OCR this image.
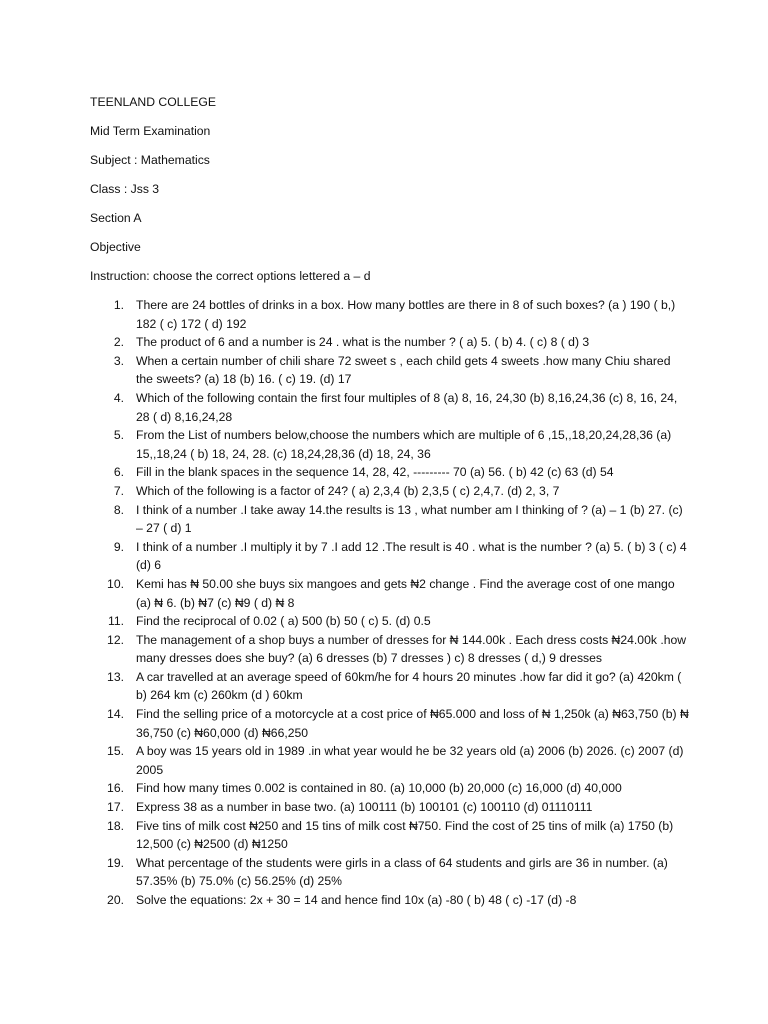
TEENLAND COLLEGE
Mid Term Examination
Subject : Mathematics
Class : Jss 3
Section A
Objective
Instruction: choose the correct options lettered a – d
1. There are 24 bottles of drinks in a box. How many bottles are there in 8 of such boxes? (a ) 190 ( b,) 182 ( c) 172 ( d) 192
2. The product of 6 and a number is 24 . what is the number ? ( a) 5. ( b) 4. ( c) 8 ( d) 3
3. When a certain number of chili share 72 sweet s , each child gets 4 sweets .how many Chiu shared the sweets? (a) 18 (b) 16. ( c) 19. (d) 17
4. Which of the following contain the first four multiples of 8 (a) 8, 16, 24,30 (b) 8,16,24,36 (c) 8, 16, 24, 28 ( d) 8,16,24,28
5. From the List of numbers below,choose the numbers which are multiple of 6 ,15,,18,20,24,28,36 (a) 15,,18,24 ( b) 18, 24, 28. (c) 18,24,28,36 (d) 18, 24, 36
6. Fill in the blank spaces in the sequence 14, 28, 42, --------- 70 (a) 56. ( b) 42 (c) 63 (d) 54
7. Which of the following is a factor of 24? ( a) 2,3,4 (b) 2,3,5 ( c) 2,4,7. (d) 2, 3, 7
8. I think of a number .I take away 14.the results is 13 , what number am I thinking of ? (a) – 1 (b) 27. (c) – 27 ( d) 1
9. I think of a number .I multiply it by 7 .I add 12 .The result is 40 . what is the number ? (a) 5. ( b) 3 ( c) 4 (d) 6
10. Kemi has ₦ 50.00 she buys six mangoes and gets ₦2 change . Find the average cost of one mango (a) ₦ 6. (b) ₦7 (c) ₦9 ( d) ₦ 8
11. Find the reciprocal of 0.02 ( a) 500 (b) 50 ( c) 5. (d) 0.5
12. The management of a shop buys a number of dresses for ₦ 144.00k . Each dress costs ₦24.00k .how many dresses does she buy? (a) 6 dresses (b) 7 dresses ) c) 8 dresses ( d,) 9 dresses
13. A car travelled at an average speed of 60km/he for 4 hours 20 minutes .how far did it go? (a) 420km ( b) 264 km (c) 260km (d ) 60km
14. Find the selling price of a motorcycle at a cost price of ₦65.000 and loss of ₦ 1,250k (a) ₦63,750 (b) ₦ 36,750 (c) ₦60,000 (d) ₦66,250
15. A boy was 15 years old in 1989 .in what year would he be 32 years old (a) 2006 (b) 2026. (c) 2007 (d) 2005
16. Find how many times 0.002 is contained in 80. (a) 10,000 (b) 20,000 (c) 16,000 (d) 40,000
17. Express 38 as a number in base two. (a) 100111 (b) 100101 (c) 100110 (d) 01110111
18. Five tins of milk cost ₦250 and 15 tins of milk cost ₦750. Find the cost of 25 tins of milk (a) 1750 (b) 12,500 (c) ₦2500 (d) ₦1250
19. What percentage of the students were girls in a class of 64 students and girls are 36 in number. (a) 57.35% (b) 75.0% (c) 56.25% (d) 25%
20. Solve the equations: 2x + 30 = 14 and hence find 10x (a) -80 ( b) 48 ( c) -17 (d) -8
